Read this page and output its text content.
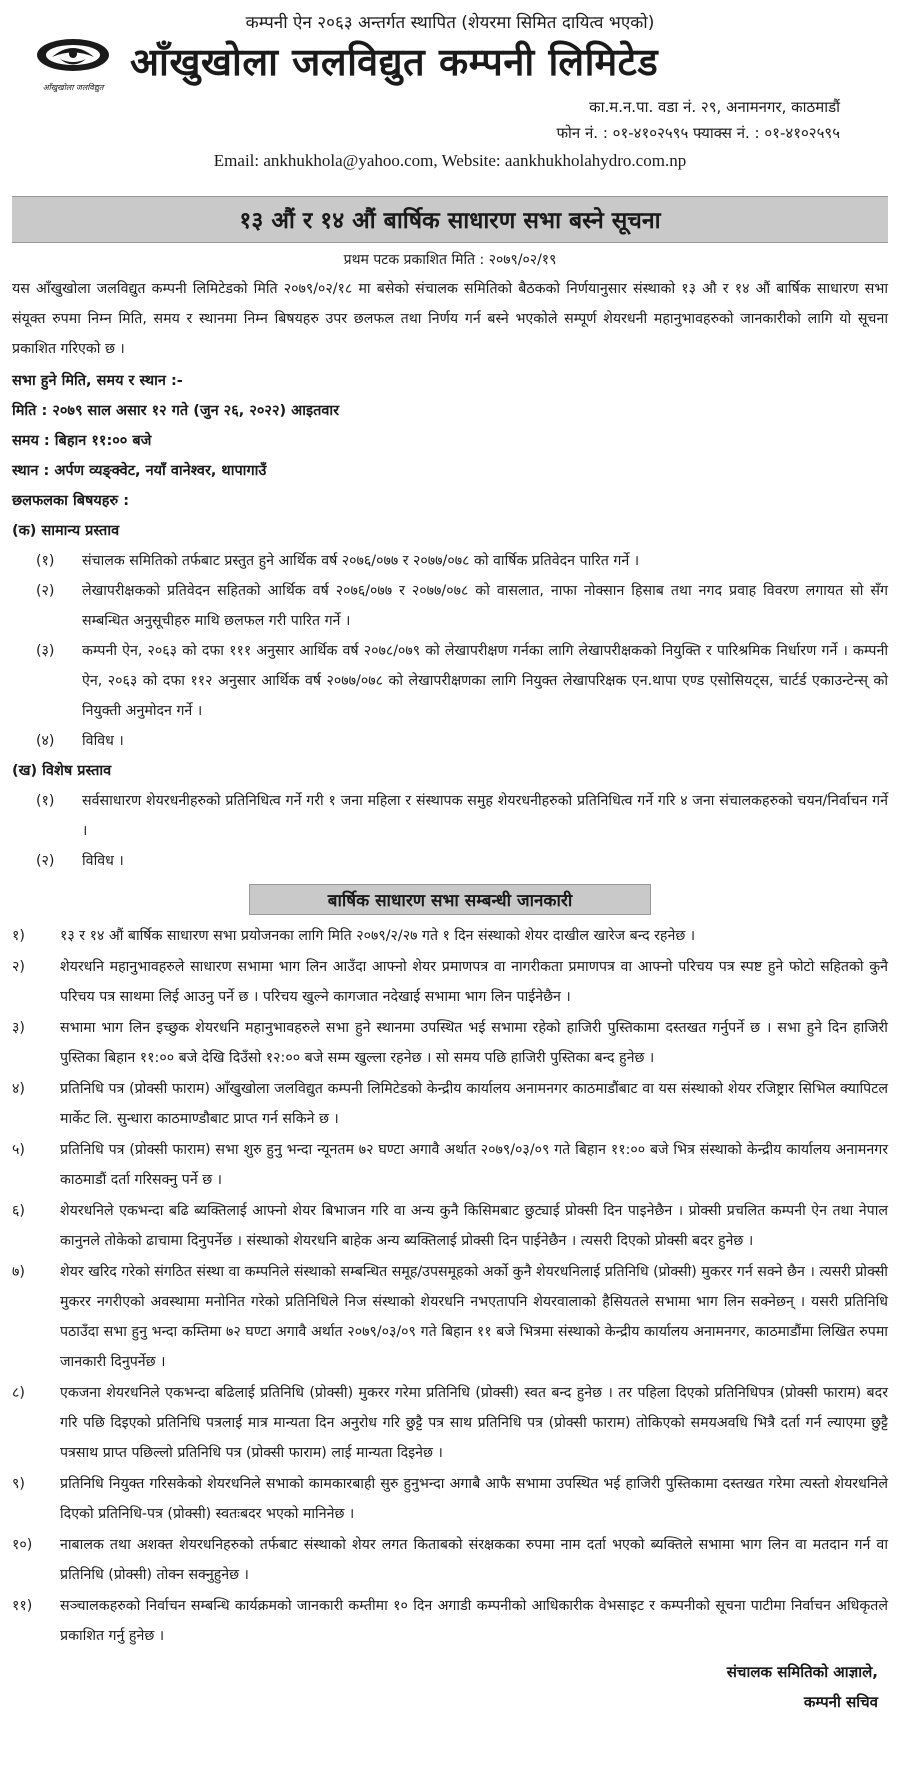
कम्पनी ऐन २०६३ अन्तर्गत स्थापित (शेयरमा सिमित दायित्व भएको)
आँखुखोला जलविद्युत
आँखुखोला जलविद्युत कम्पनी लिमिटेड
का.म.न.पा. वडा नं. २९, अनामनगर, काठमाडौं
फोन नं. : ०१-४१०२५९५ फ्याक्स नं. : ०१-४१०२५९५
Email: ankhukhola@yahoo.com, Website: aankhukholahydro.com.np
१३ औं र १४ औं बार्षिक साधारण सभा बस्ने सूचना
प्रथम पटक प्रकाशित मिति : २०७९/०२/१९

यस आँखुखोला जलविद्युत कम्पनी लिमिटेडको मिति २०७९/०२/१८ मा बसेको संचालक समितिको बैठकको निर्णयानुसार संस्थाको १३ औ र १४ औं बार्षिक साधारण सभा संयूक्त रुपमा निम्न मिति, समय र स्थानमा निम्न बिषयहरु उपर छलफल तथा निर्णय गर्न बस्ने भएकोले सम्पूर्ण शेयरधनी महानुभावहरुको जानकारीको लागि यो सूचना प्रकाशित गरिएको छ ।

सभा हुने मिति, समय र स्थान :-
मिति : २०७९ साल असार १२ गते (जुन २६, २०२२) आइतवार
समय : बिहान ११:०० बजे
स्थान : अर्पण व्यङ्क्वेट, नयाँ वानेश्वर, थापागाउँ
छलफलका बिषयहरु :
(क) सामान्य प्रस्ताव
(१)	संचालक समितिको तर्फबाट प्रस्तुत हुने आर्थिक वर्ष २०७६/०७७ र २०७७/०७८ को वार्षिक प्रतिवेदन पारित गर्ने ।
(२)	लेखापरीक्षकको प्रतिवेदन सहितको आर्थिक वर्ष २०७६/०७७ र २०७७/०७८ को वासलात, नाफा नोक्सान हिसाब तथा नगद प्रवाह विवरण लगायत सो सँग सम्बन्धित अनुसूचीहरु माथि छलफल गरी पारित गर्ने ।
(३)	कम्पनी ऐन, २०६३ को दफा १११ अनुसार आर्थिक वर्ष २०७८/०७९ को लेखापरीक्षण गर्नका लागि लेखापरीक्षकको नियुक्ति र पारिश्रमिक निर्धारण गर्ने । कम्पनी ऐन, २०६३ को दफा ११२ अनुसार आर्थिक वर्ष २०७७/०७८ को लेखापरीक्षणका लागि नियुक्त लेखापरिक्षक एन.थापा एण्ड एसोसियट्स, चार्टर्ड एकाउन्टेन्स् को नियुक्ती अनुमोदन गर्ने ।
(४)	विविध ।
(ख) विशेष प्रस्ताव
(१)	सर्वसाधारण शेयरधनीहरुको प्रतिनिधित्व गर्ने गरी १ जना महिला र संस्थापक समुह शेयरधनीहरुको प्रतिनिधित्व गर्ने गरि ४ जना संचालकहरुको चयन/निर्वाचन गर्ने ।
(२)	विविध ।
बार्षिक साधारण सभा सम्बन्धी जानकारी
१)	१३ र १४ औं बार्षिक साधारण सभा प्रयोजनका लागि मिति २०७९/२/२७ गते १ दिन संस्थाको शेयर दाखील खारेज बन्द रहनेछ ।
२)	शेयरधनि महानुभावहरुले साधारण सभामा भाग लिन आउँदा आफ्नो शेयर प्रमाणपत्र वा नागरीकता प्रमाणपत्र वा आफ्नो परिचय पत्र स्पष्ट हुने फोटो सहितको कुनै परिचय पत्र साथमा लिई आउनु पर्ने छ । परिचय खुल्ने कागजात नदेखाई सभामा भाग लिन पाईनेछैन ।
३)	सभामा भाग लिन इच्छुक शेयरधनि महानुभावहरुले सभा हुने स्थानमा उपस्थित भई सभामा रहेको हाजिरी पुस्तिकामा दस्तखत गर्नुपर्ने छ । सभा हुने दिन हाजिरी पुस्तिका बिहान ११:०० बजे देखि दिउँसो १२:०० बजे सम्म खुल्ला रहनेछ । सो समय पछि हाजिरी पुस्तिका बन्द हुनेछ ।
४)	प्रतिनिधि पत्र (प्रोक्सी फाराम) आँखुखोला जलविद्युत कम्पनी लिमिटेडको केन्द्रीय कार्यालय अनामनगर काठमाडौंबाट वा यस संस्थाको शेयर रजिष्ट्रार सिभिल क्यापिटल मार्केट लि. सुन्धारा काठमाण्डौबाट प्राप्त गर्न सकिने छ ।
५)	प्रतिनिधि पत्र (प्रोक्सी फाराम) सभा शुरु हुनु भन्दा न्यूनतम ७२ घण्टा अगावै अर्थात २०७९/०३/०९ गते बिहान ११:०० बजे भित्र संस्थाको केन्द्रीय कार्यालय अनामनगर काठमाडौं दर्ता गरिसक्नु पर्ने छ ।
६)	शेयरधनिले एकभन्दा बढि ब्यक्तिलाई आफ्नो शेयर बिभाजन गरि वा अन्य कुनै किसिमबाट छुट्याई प्रोक्सी दिन पाइनेछैन । प्रोक्सी प्रचलित कम्पनी ऐन तथा नेपाल कानुनले तोकेको ढाचामा दिनुपर्नेछ । संस्थाको शेयरधनि बाहेक अन्य ब्यक्तिलाई प्रोक्सी दिन पाईनेछैन । त्यसरी दिएको प्रोक्सी बदर हुनेछ ।
७)	शेयर खरिद गरेको संगठित संस्था वा कम्पनिले संस्थाको सम्बन्धित समूह/उपसमूहको अर्को कुनै शेयरधनिलाई प्रतिनिधि (प्रोक्सी) मुकरर गर्न सक्ने छैन । त्यसरी प्रोक्सी मुकरर नगरीएको अवस्थामा मनोनित गरेको प्रतिनिधिले निज संस्थाको शेयरधनि नभएतापनि शेयरवालाको हैसियतले सभामा भाग लिन सक्नेछन् । यसरी प्रतिनिधि पठाउँदा सभा हुनु भन्दा कम्तिमा ७२ घण्टा अगावै अर्थात २०७९/०३/०९ गते बिहान ११ बजे भित्रमा संस्थाको केन्द्रीय कार्यालय अनामनगर, काठमाडौंमा लिखित रुपमा जानकारी दिनुपर्नेछ ।
८)	एकजना शेयरधनिले एकभन्दा बढिलाई प्रतिनिधि (प्रोक्सी) मुकरर गरेमा प्रतिनिधि (प्रोक्सी) स्वत बन्द हुनेछ । तर पहिला दिएको प्रतिनिधिपत्र (प्रोक्सी फाराम) बदर गरि पछि दिइएको प्रतिनिधि पत्रलाई मात्र मान्यता दिन अनुरोध गरि छुट्टै पत्र साथ प्रतिनिधि पत्र (प्रोक्सी फाराम) तोकिएको समयअवधि भित्रै दर्ता गर्न ल्याएमा छुट्टै पत्रसाथ प्राप्त पछिल्लो प्रतिनिधि पत्र (प्रोक्सी फाराम) लाई मान्यता दिइनेछ ।
९)	प्रतिनिधि नियुक्त गरिसकेको शेयरधनिले सभाको कामकारबाही सुरु हुनुभन्दा अगाबै आफै सभामा उपस्थित भई हाजिरी पुस्तिकामा दस्तखत गरेमा त्यस्तो शेयरधनिले दिएको प्रतिनिधि-पत्र (प्रोक्सी) स्वतःबदर भएको मानिनेछ ।
१०)	नाबालक तथा अशक्त शेयरधनिहरुको तर्फबाट संस्थाको शेयर लगत किताबको संरक्षकका रुपमा नाम दर्ता भएको ब्यक्तिले सभामा भाग लिन वा मतदान गर्न वा प्रतिनिधि (प्रोक्सी) तोक्न सक्नुहुनेछ ।
११)	सञ्चालकहरुको निर्वाचन सम्बन्धि कार्यक्रमको जानकारी कम्तीमा १० दिन अगाडी कम्पनीको आधिकारीक वेभसाइट र कम्पनीको सूचना पाटीमा निर्वाचन अधिकृतले प्रकाशित गर्नु हुनेछ ।
संचालक समितिको आज्ञाले,
कम्पनी सचिव
